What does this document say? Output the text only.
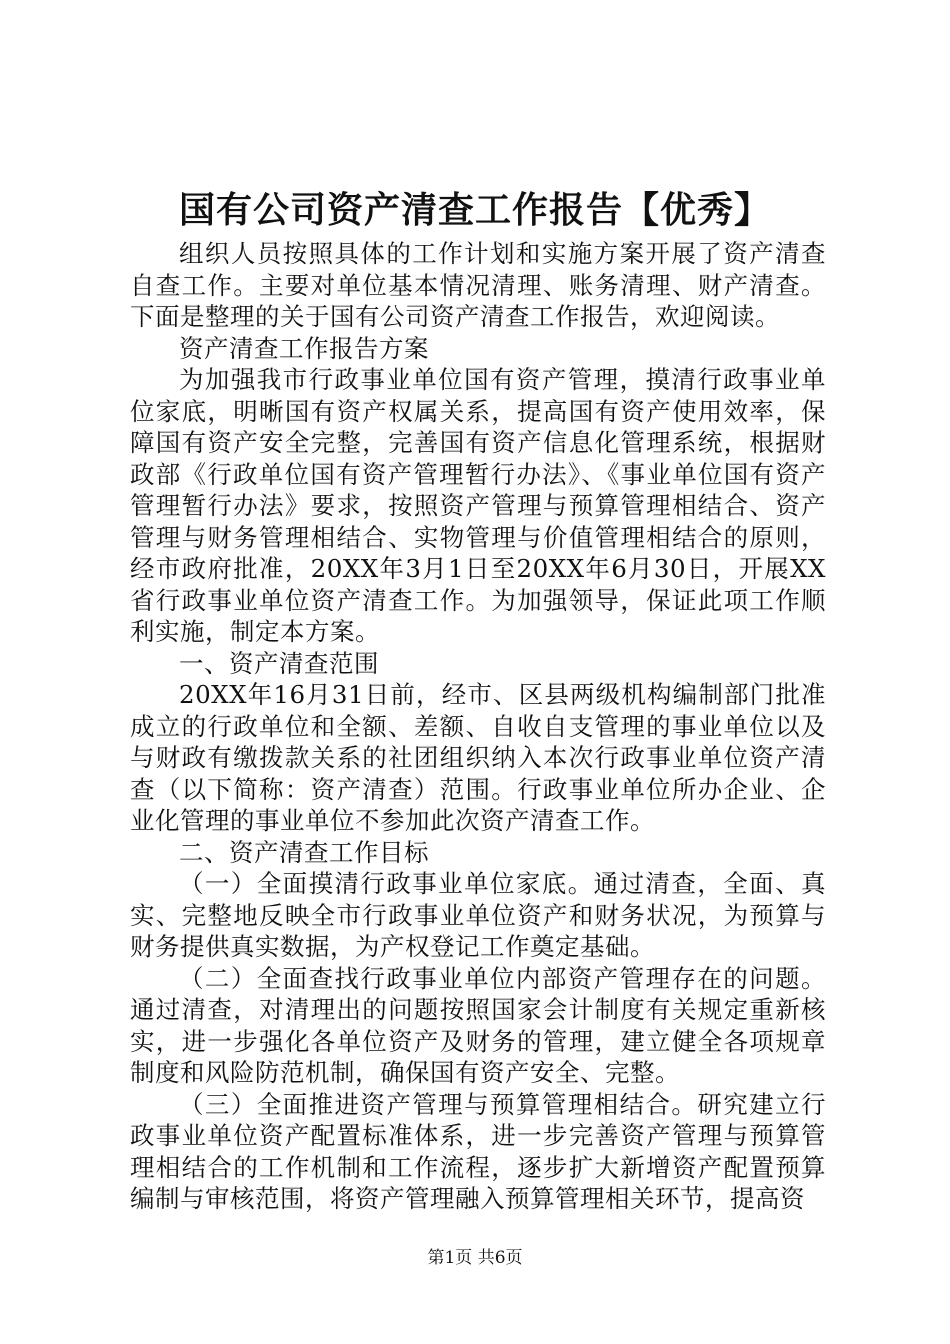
国有公司资产清查工作报告【优秀】

组织人员按照具体的工作计划和实施方案开展了资产清查自查工作。主要对单位基本情况清理、账务清理、财产清查。下面是整理的关于国有公司资产清查工作报告，欢迎阅读。

资产清查工作报告方案

为加强我市行政事业单位国有资产管理，摸清行政事业单位家底，明晰国有资产权属关系，提高国有资产使用效率，保障国有资产安全完整，完善国有资产信息化管理系统，根据财政部《行政单位国有资产管理暂行办法》、《事业单位国有资产管理暂行办法》要求，按照资产管理与预算管理相结合、资产管理与财务管理相结合、实物管理与价值管理相结合的原则，经市政府批准，20XX年3月1日至20XX年6月30日，开展XX省行政事业单位资产清查工作。为加强领导，保证此项工作顺利实施，制定本方案。

一、资产清查范围

20XX年16月31日前，经市、区县两级机构编制部门批准成立的行政单位和全额、差额、自收自支管理的事业单位以及与财政有缴拨款关系的社团组织纳入本次行政事业单位资产清查（以下简称：资产清查）范围。行政事业单位所办企业、企业化管理的事业单位不参加此次资产清查工作。

二、资产清查工作目标

（一）全面摸清行政事业单位家底。通过清查，全面、真实、完整地反映全市行政事业单位资产和财务状况，为预算与财务提供真实数据，为产权登记工作奠定基础。

（二）全面查找行政事业单位内部资产管理存在的问题。通过清查，对清理出的问题按照国家会计制度有关规定重新核实，进一步强化各单位资产及财务的管理，建立健全各项规章制度和风险防范机制，确保国有资产安全、完整。

（三）全面推进资产管理与预算管理相结合。研究建立行政事业单位资产配置标准体系，进一步完善资产管理与预算管理相结合的工作机制和工作流程，逐步扩大新增资产配置预算编制与审核范围，将资产管理融入预算管理相关环节，提高资

第1页 共6页
